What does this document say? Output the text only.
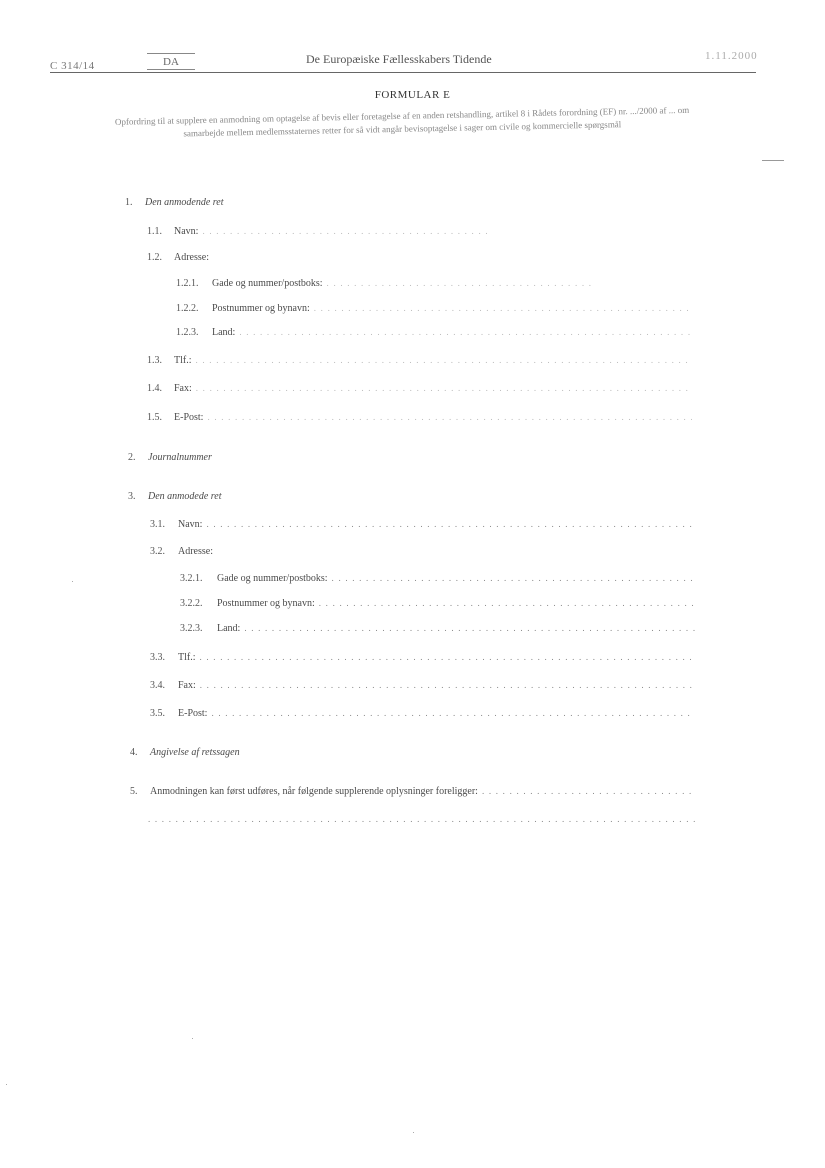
C 314/14	DA	De Europæiske Fællesskabers Tidende	1.11.2000
FORMULAR E
Opfordring til at supplere en anmodning om optagelse af bevis eller foretagelse af en anden retshandling, artikel 8 i Rådets forordning (EF) nr. .../2000 af ... om samarbejde mellem medlemsstaternes retter for så vidt angår bevisoptagelse i sager om civile og kommercielle spørgsmål
1.	Den anmodende ret
1.1.	Navn:
. . .
1.2.	Adresse:
1.2.1.	Gade og nummer/postboks:
. . .
1.2.2.	Postnummer og bynavn:
. . .
1.2.3.	Land:
. . .
1.3.	Tlf.:
. . .
1.4.	Fax:
. . .
1.5.	E-Post:
. . .
2.	Journalnummer
3.	Den anmodede ret
3.1.	Navn:
. . .
3.2.	Adresse:
3.2.1.	Gade og nummer/postboks:
. . .
3.2.2.	Postnummer og bynavn:
. . .
3.2.3.	Land:
. . .
3.3.	Tlf.:
. . .
3.4.	Fax:
. . .
3.5.	E-Post:
. . .
4.	Angivelse af retssagen
5.	Anmodningen kan først udføres, når følgende supplerende oplysninger foreligger:
. . .
. . .
